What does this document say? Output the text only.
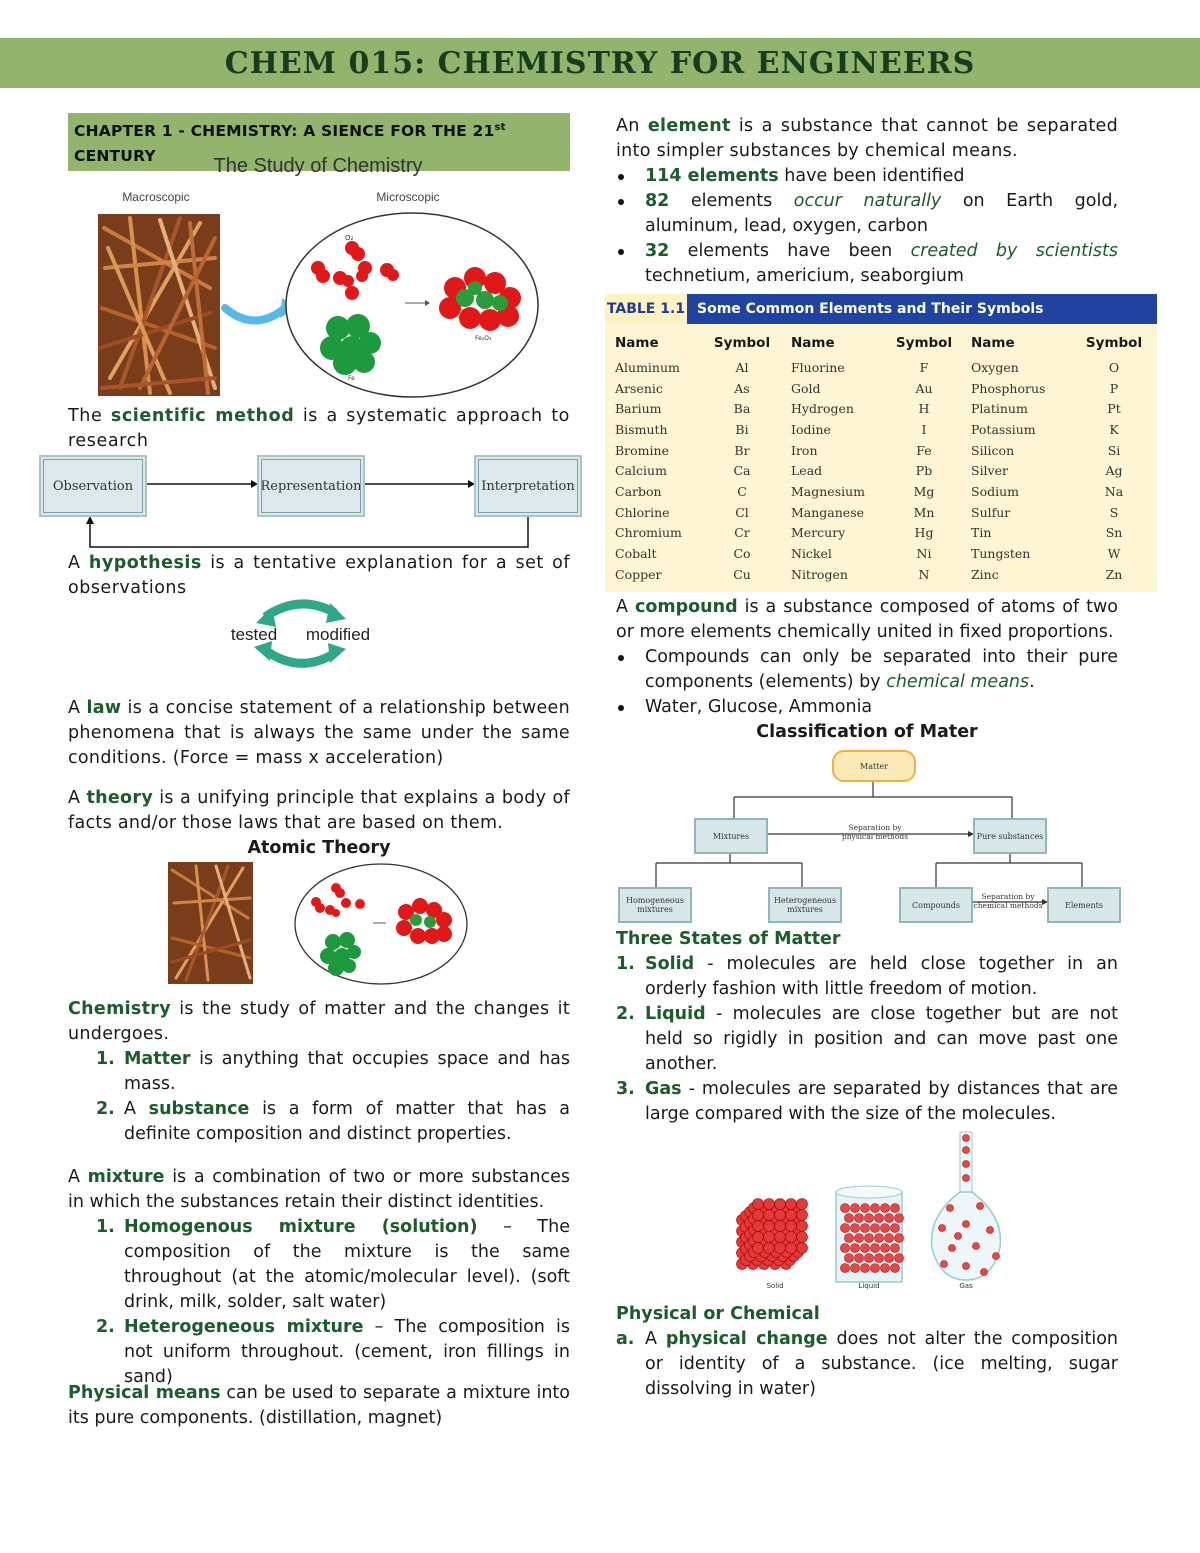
CHEM 015: CHEMISTRY FOR ENGINEERS
CHAPTER 1 - CHEMISTRY: A SIENCE FOR THE 21st CENTURY	The Study of Chemistry
Macroscopic	Microscopic
O₂
Fe₂O₃
Fe

The scientific method is a systematic approach to research

Observation	Representation	Interpretation

A hypothesis is a tentative explanation for a set of observations

tested modified

A law is a concise statement of a relationship between phenomena that is always the same under the same conditions. (Force = mass x acceleration)

A theory is a unifying principle that explains a body of facts and/or those laws that are based on them.

Atomic Theory

Chemistry is the study of matter and the changes it undergoes.

1. Matter is anything that occupies space and has mass.
2. A substance is a form of matter that has a definite composition and distinct properties.

A mixture is a combination of two or more substances in which the substances retain their distinct identities.

1. Homogenous mixture (solution) – The composition of the mixture is the same throughout (at the atomic/molecular level). (soft drink, milk, solder, salt water)
2. Heterogeneous mixture – The composition is not uniform throughout. (cement, iron fillings in sand)

Physical means can be used to separate a mixture into its pure components. (distillation, magnet)

An element is a substance that cannot be separated into simpler substances by chemical means.

114 elements have been identified
82 elements occur naturally on Earth gold, aluminum, lead, oxygen, carbon
32 elements have been created by scientists technetium, americium, seaborgium
TABLE 1.1 Some Common Elements and Their Symbols
Name	Symbol	Name	Symbol	Name	Symbol
Aluminum	Al	Fluorine	F	Oxygen	O
Arsenic	As	Gold	Au	Phosphorus	P
Barium	Ba	Hydrogen	H	Platinum	Pt
Bismuth	Bi	Iodine	I	Potassium	K
Bromine	Br	Iron	Fe	Silicon	Si
Calcium	Ca	Lead	Pb	Silver	Ag
Carbon	C	Magnesium	Mg	Sodium	Na
Chlorine	Cl	Manganese	Mn	Sulfur	S
Chromium	Cr	Mercury	Hg	Tin	Sn
Cobalt	Co	Nickel	Ni	Tungsten	W
Copper	Cu	Nitrogen	N	Zinc	Zn

A compound is a substance composed of atoms of two or more elements chemically united in fixed proportions.

Compounds can only be separated into their pure components (elements) by chemical means.
Water, Glucose, Ammonia

Classification of Mater

Matter
Mixtures	Pure substances
Separation by physical methods
Homogeneous mixtures
Heterogeneous mixtures	Compounds	Elements
Separation by chemical methods

Three States of Matter

1. Solid - molecules are held close together in an orderly fashion with little freedom of motion.
2. Liquid - molecules are close together but are not held so rigidly in position and can move past one another.
3. Gas - molecules are separated by distances that are large compared with the size of the molecules.
Solid	Liquid	Gas

Physical or Chemical

a. A physical change does not alter the composition or identity of a substance. (ice melting, sugar dissolving in water)
